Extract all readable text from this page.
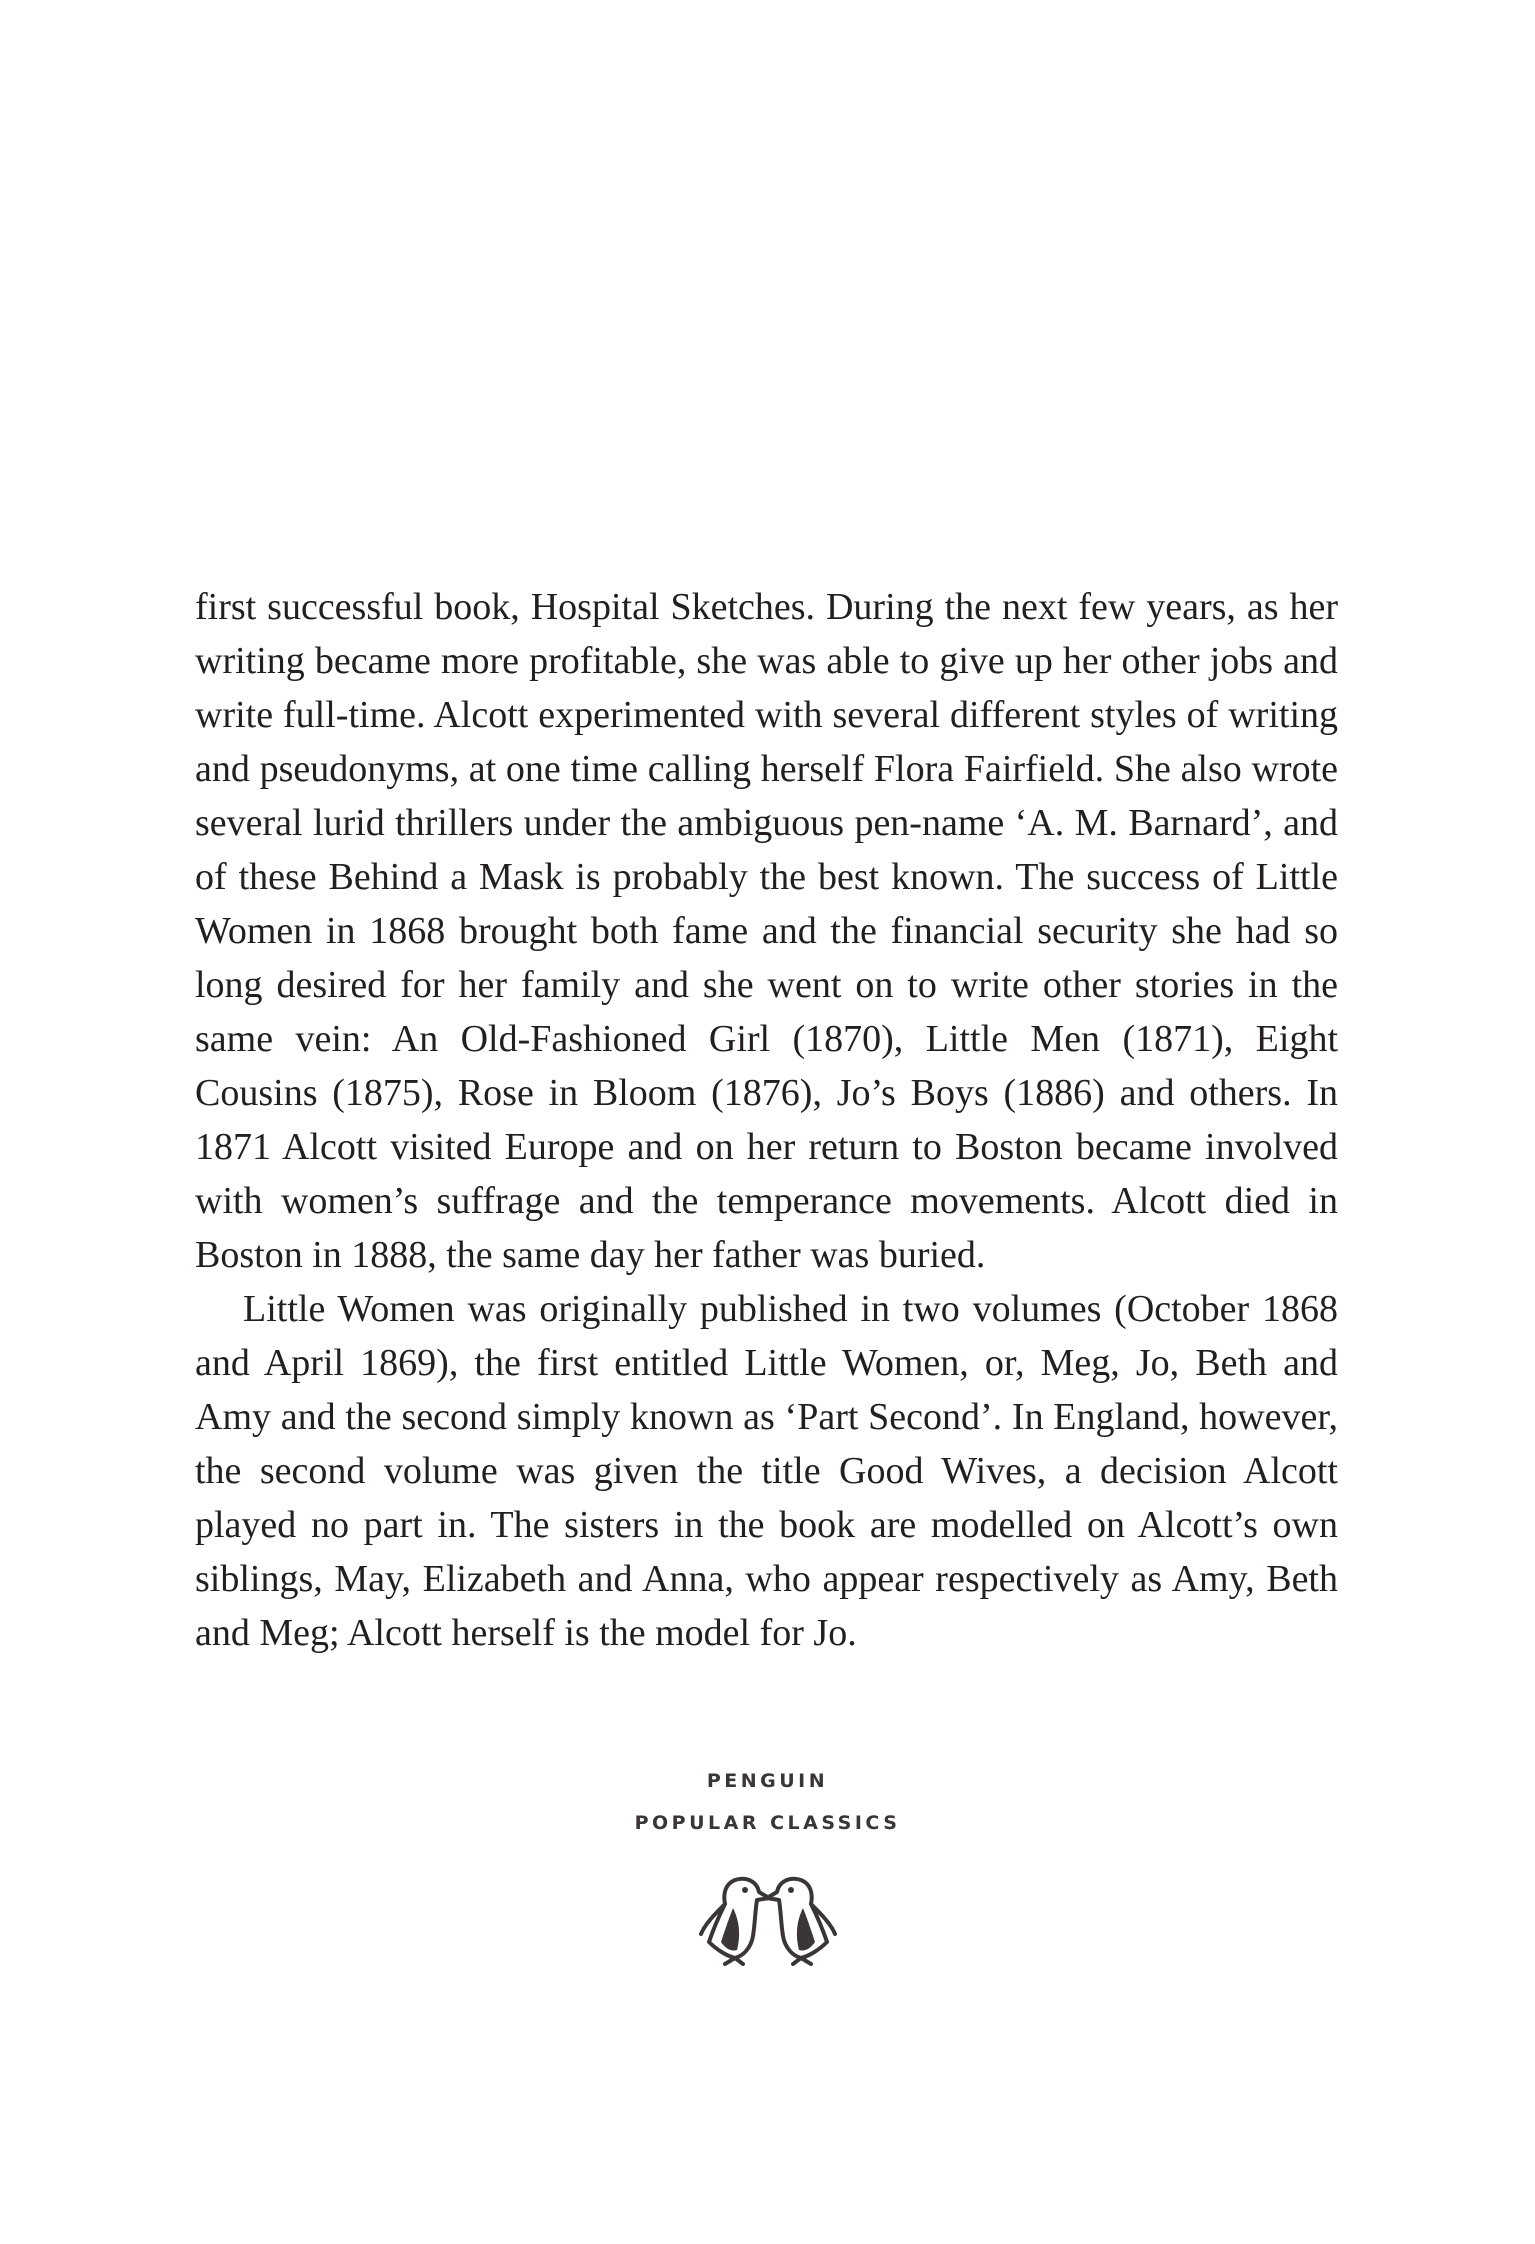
first successful book, Hospital Sketches. During the next few years, as her writing became more profitable, she was able to give up her other jobs and write full-time. Alcott experimented with several different styles of writing and pseudonyms, at one time calling herself Flora Fairfield. She also wrote several lurid thrillers under the ambiguous pen-name ‘A. M. Barnard’, and of these Behind a Mask is probably the best known. The success of Little Women in 1868 brought both fame and the financial security she had so long desired for her family and she went on to write other stories in the same vein: An Old-Fashioned Girl (1870), Little Men (1871), Eight Cousins (1875), Rose in Bloom (1876), Jo’s Boys (1886) and others. In 1871 Alcott visited Europe and on her return to Boston became involved with women’s suffrage and the temperance movements. Alcott died in Boston in 1888, the same day her father was buried.

Little Women was originally published in two volumes (October 1868 and April 1869), the first entitled Little Women, or, Meg, Jo, Beth and Amy and the second simply known as ‘Part Second’. In England, however, the second volume was given the title Good Wives, a decision Alcott played no part in. The sisters in the book are modelled on Alcott’s own siblings, May, Elizabeth and Anna, who appear respectively as Amy, Beth and Meg; Alcott herself is the model for Jo.

PENGUIN
POPULAR CLASSICS
